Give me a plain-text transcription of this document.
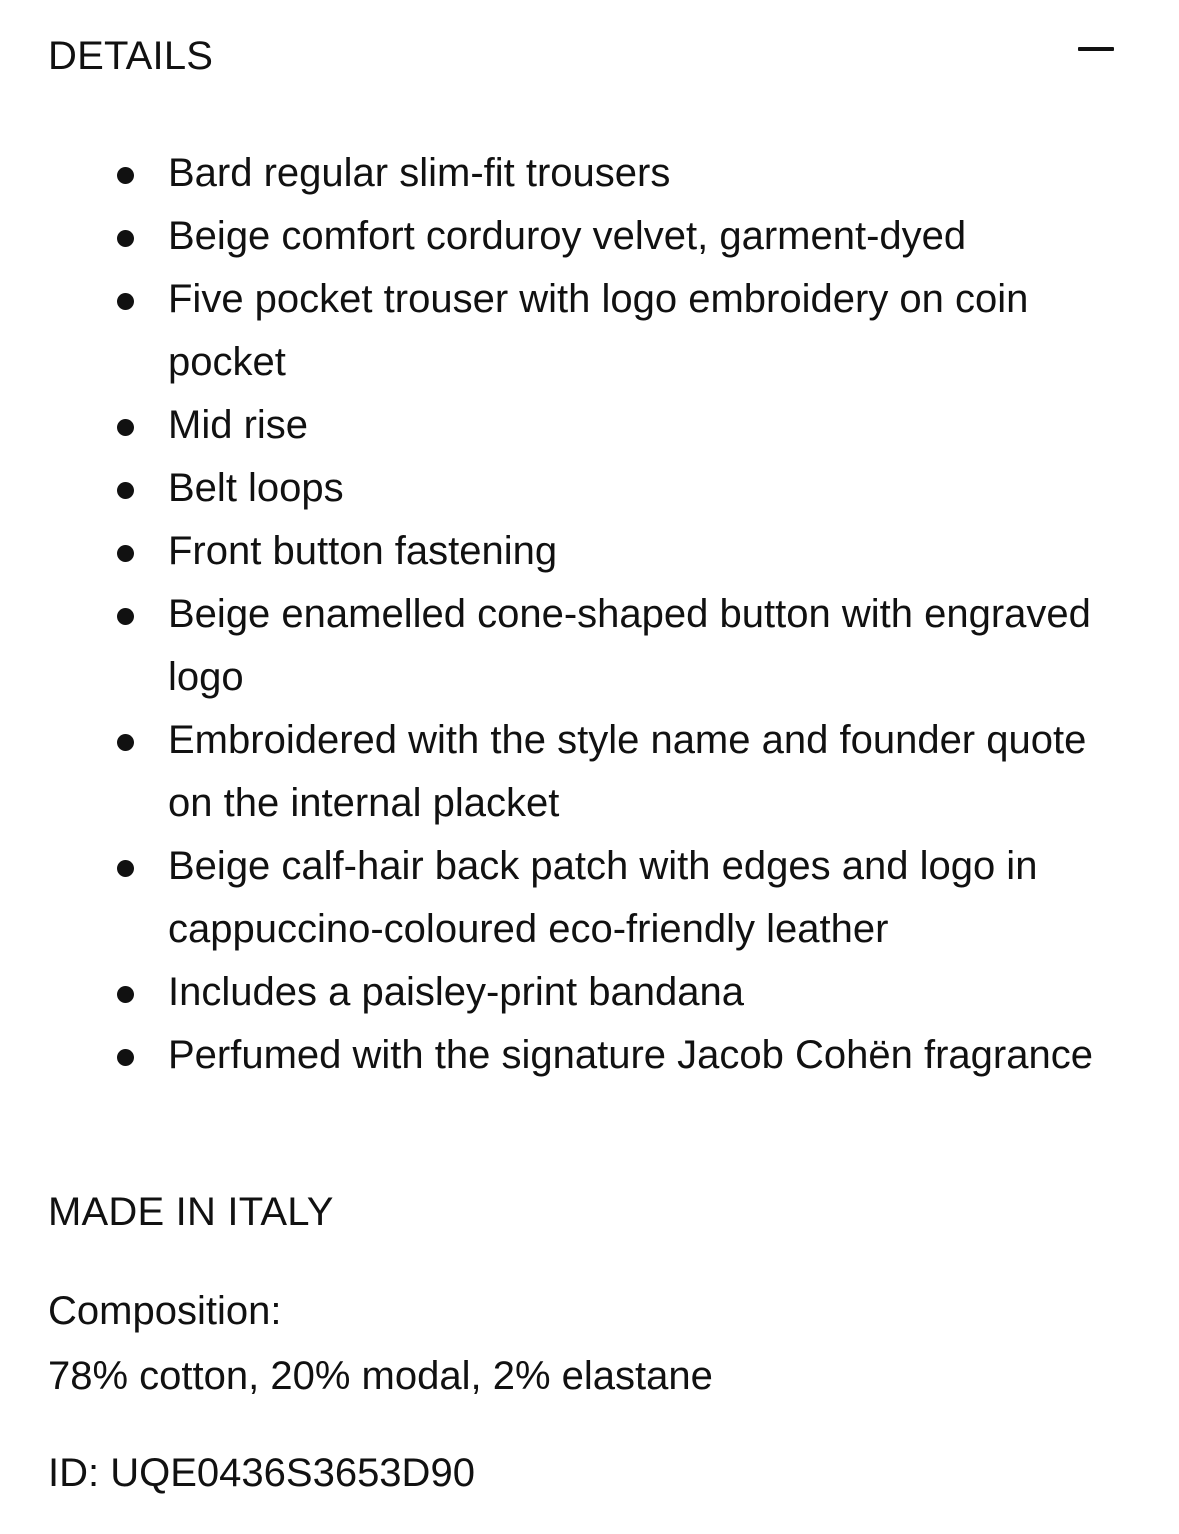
DETAILS
Bard regular slim-fit trousers
Beige comfort corduroy velvet, garment-dyed
Five pocket trouser with logo embroidery on coin pocket
Mid rise
Belt loops
Front button fastening
Beige enamelled cone-shaped button with engraved logo
Embroidered with the style name and founder quote on the internal placket
Beige calf-hair back patch with edges and logo in cappuccino-coloured eco-friendly leather
Includes a paisley-print bandana
Perfumed with the signature Jacob Cohën fragrance
MADE IN ITALY
Composition:
78% cotton, 20% modal, 2% elastane
ID: UQE0436S3653D90
